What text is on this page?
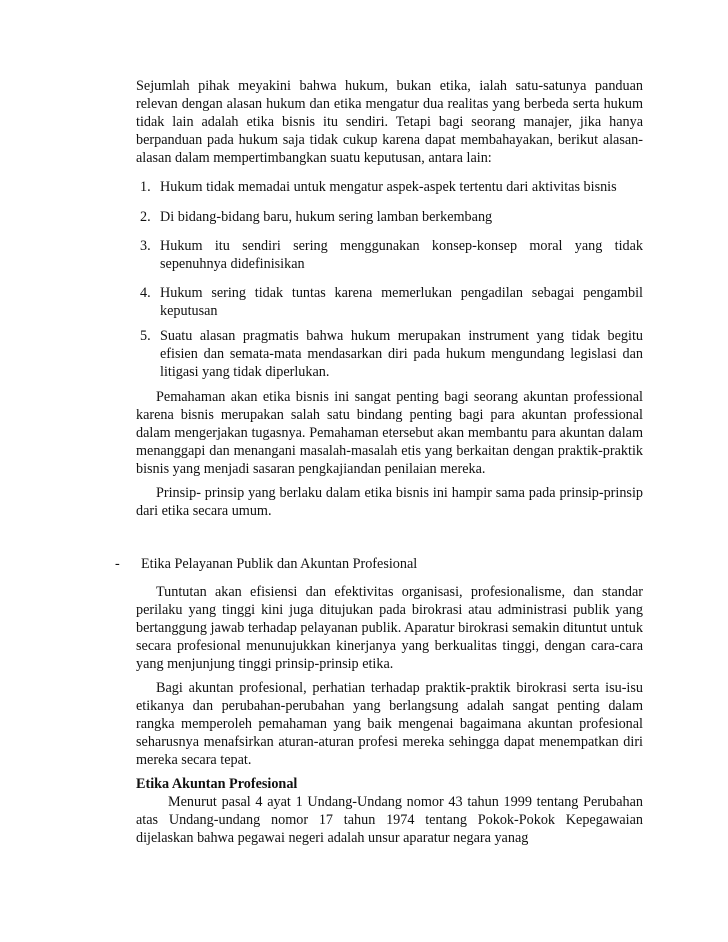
Sejumlah pihak meyakini bahwa hukum, bukan etika, ialah satu-satunya panduan relevan dengan alasan hukum dan etika mengatur dua realitas yang berbeda serta hukum tidak lain adalah etika bisnis itu sendiri. Tetapi bagi seorang manajer, jika hanya berpanduan pada hukum saja tidak cukup karena dapat membahayakan, berikut alasan-alasan dalam mempertimbangkan suatu keputusan, antara lain:

1. Hukum tidak memadai untuk mengatur aspek-aspek tertentu dari aktivitas bisnis
2. Di bidang-bidang baru, hukum sering lamban berkembang
3. Hukum itu sendiri sering menggunakan konsep-konsep moral yang tidak sepenuhnya didefinisikan
4. Hukum sering tidak tuntas karena memerlukan pengadilan sebagai pengambil keputusan
5. Suatu alasan pragmatis bahwa hukum merupakan instrument yang tidak begitu efisien dan semata-mata mendasarkan diri pada hukum mengundang legislasi dan litigasi yang tidak diperlukan.

Pemahaman akan etika bisnis ini sangat penting bagi seorang akuntan professional karena bisnis merupakan salah satu bindang penting bagi para akuntan professional dalam mengerjakan tugasnya. Pemahaman etersebut akan membantu para akuntan dalam menanggapi dan menangani masalah-masalah etis yang berkaitan dengan praktik-praktik bisnis yang menjadi sasaran pengkajiandan penilaian mereka.

Prinsip- prinsip yang berlaku dalam etika bisnis ini hampir sama pada prinsip-prinsip dari etika secara umum.

- Etika Pelayanan Publik dan Akuntan Profesional

Tuntutan akan efisiensi dan efektivitas organisasi, profesionalisme, dan standar perilaku yang tinggi kini juga ditujukan pada birokrasi atau administrasi publik yang bertanggung jawab terhadap pelayanan publik. Aparatur birokrasi semakin dituntut untuk secara profesional menunujukkan kinerjanya yang berkualitas tinggi, dengan cara-cara yang menjunjung tinggi prinsip-prinsip etika.

Bagi akuntan profesional, perhatian terhadap praktik-praktik birokrasi serta isu-isu etikanya dan perubahan-perubahan yang berlangsung adalah sangat penting dalam rangka memperoleh pemahaman yang baik mengenai bagaimana akuntan profesional seharusnya menafsirkan aturan-aturan profesi mereka sehingga dapat menempatkan diri mereka secara tepat.

Etika Akuntan Profesional

Menurut pasal 4 ayat 1 Undang-Undang nomor 43 tahun 1999 tentang Perubahan atas Undang-undang nomor 17 tahun 1974 tentang Pokok-Pokok Kepegawaian dijelaskan bahwa pegawai negeri adalah unsur aparatur negara yanag
